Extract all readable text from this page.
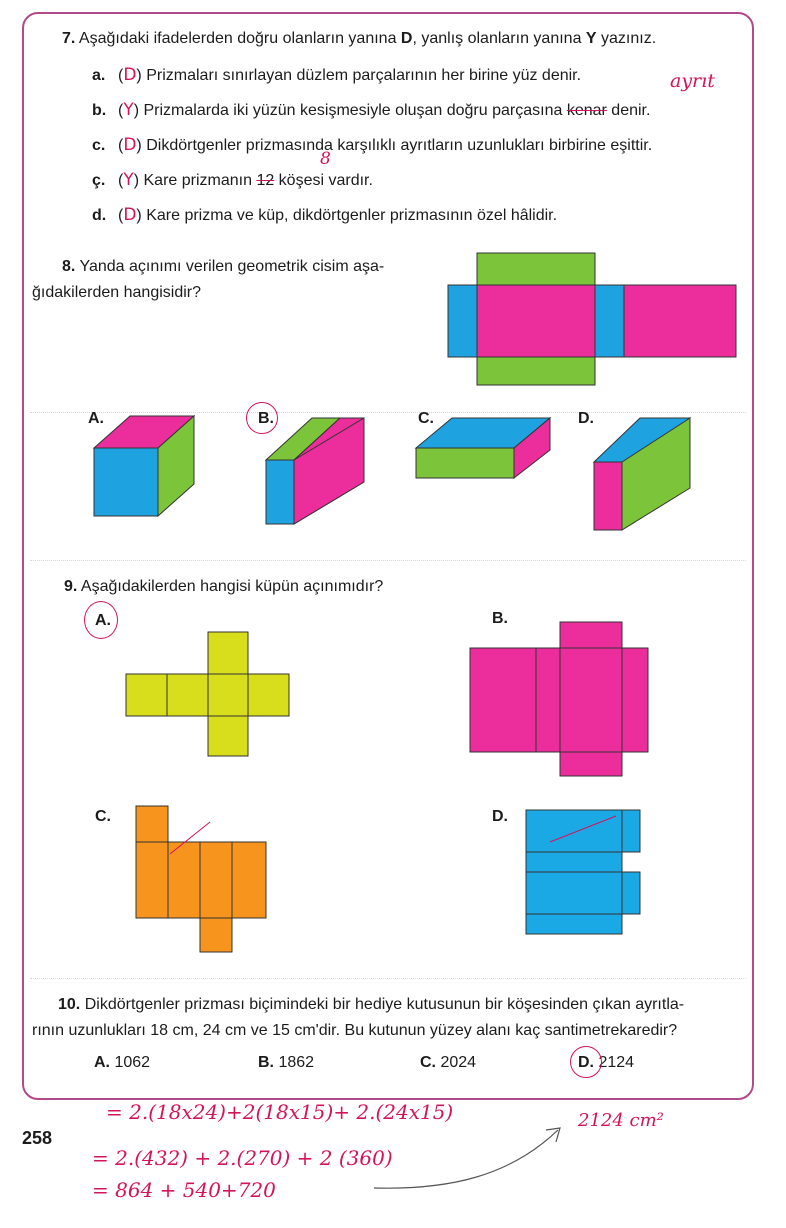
7. Aşağıdaki ifadelerden doğru olanların yanına D, yanlış olanların yanına Y yazınız.
a. (D) Prizmaları sınırlayan düzlem parçalarının her birine yüz denir.
b. (Y) Prizmalarda iki yüzün kesişmesiyle oluşan doğru parçasına kenar denir.
ayrıt
c. (D) Dikdörtgenler prizmasında karşılıklı ayrıtların uzunlukları birbirine eşittir.
ç. (Y) Kare prizmanın 12 köşesi vardır.
8
d. (D) Kare prizma ve küp, dikdörtgenler prizmasının özel hâlidir.
8. Yanda açınımı verilen geometrik cisim aşa-
ğıdakilerden hangisidir?
A.	B.	C.	D.
9. Aşağıdakilerden hangisi küpün açınımıdır?
A.	B.
C.	D.
10. Dikdörtgenler prizması biçimindeki bir hediye kutusunun bir köşesinden çıkan ayrıtla-
rının uzunlukları 18 cm, 24 cm ve 15 cm'dir. Bu kutunun yüzey alanı kaç santimetrekaredir?
A. 1062	B. 1862	C. 2024	D. 2124
258
= 2.(18x24)+2(18x15)+ 2.(24x15)
= 2.(432) + 2.(270) + 2 (360)
= 864 + 540+720
2124 cm²
